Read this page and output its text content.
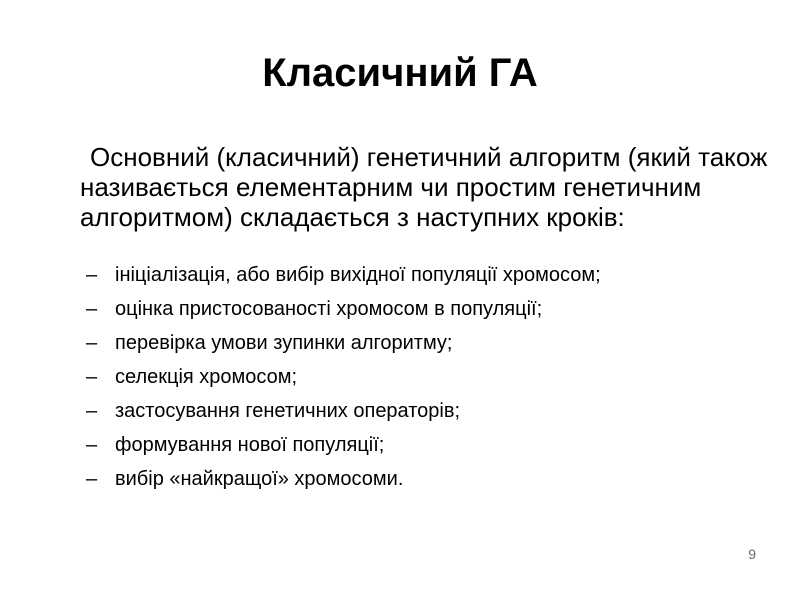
Класичний ГА

Основний (класичний) генетичний алгоритм (який також називається елементарним чи простим генетичним алгоритмом) складається з наступних кроків:

– ініціалізація, або вибір вихідної популяції хромосом;
– оцінка пристосованості хромосом в популяції;
– перевірка умови зупинки алгоритму;
– селекція хромосом;
– застосування генетичних операторів;
– формування нової популяції;
– вибір «найкращої» хромосоми.
9
